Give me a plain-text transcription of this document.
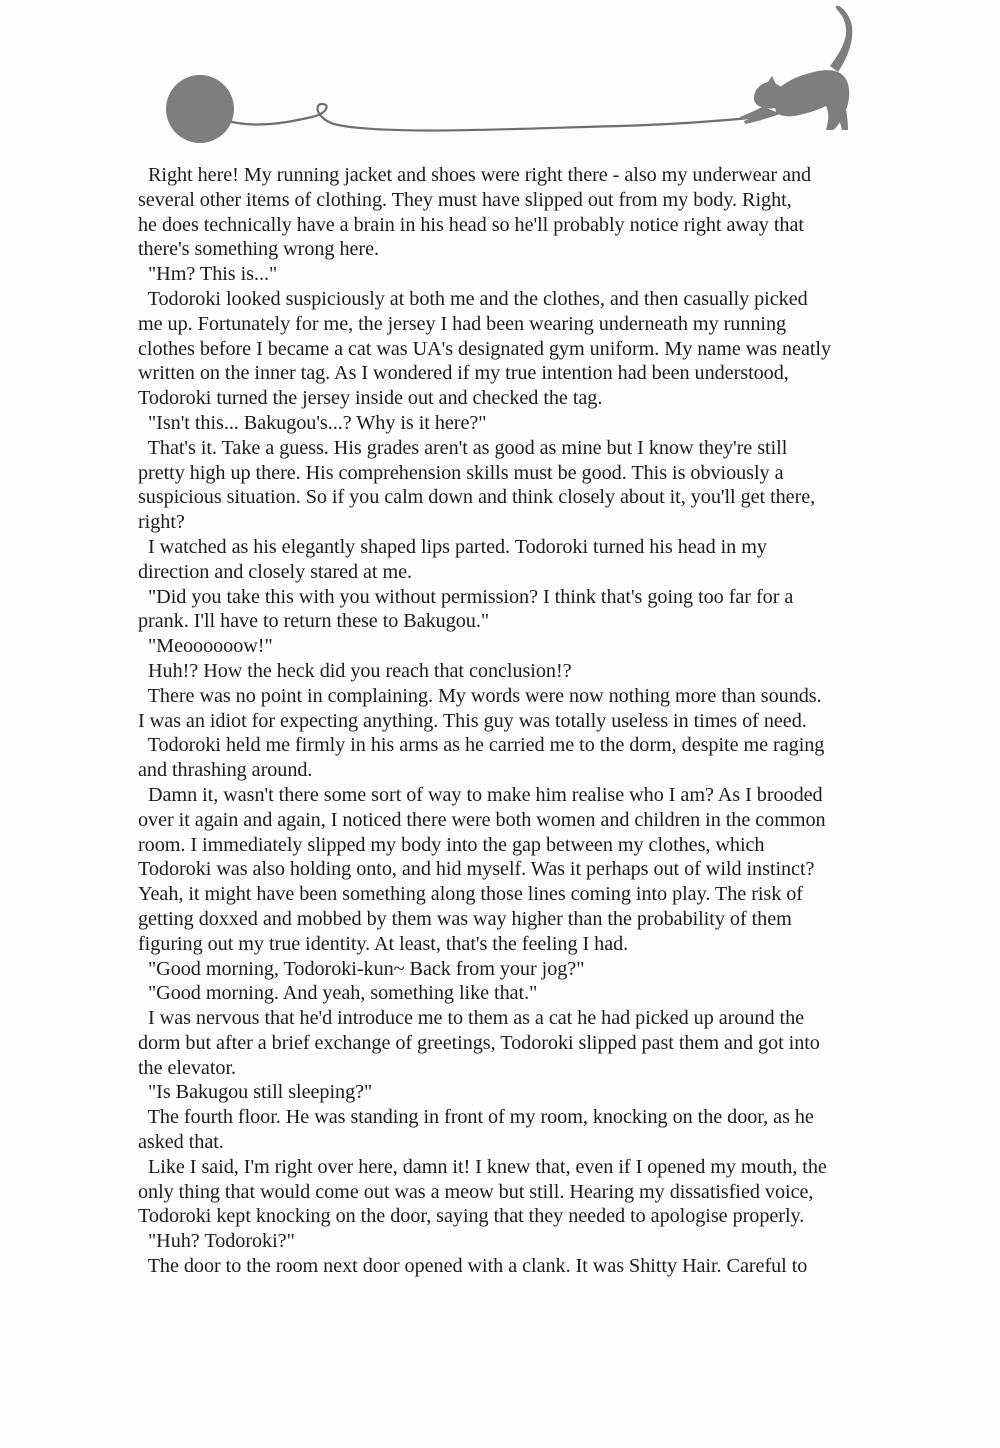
Right here! My running jacket and shoes were right there - also my underwear and
several other items of clothing. They must have slipped out from my body. Right,
he does technically have a brain in his head so he'll probably notice right away that
there's something wrong here.
"Hm? This is..."
Todoroki looked suspiciously at both me and the clothes, and then casually picked
me up. Fortunately for me, the jersey I had been wearing underneath my running
clothes before I became a cat was UA's designated gym uniform. My name was neatly
written on the inner tag. As I wondered if my true intention had been understood,
Todoroki turned the jersey inside out and checked the tag.
"Isn't this... Bakugou's...? Why is it here?"
That's it. Take a guess. His grades aren't as good as mine but I know they're still
pretty high up there. His comprehension skills must be good. This is obviously a
suspicious situation. So if you calm down and think closely about it, you'll get there,
right?
I watched as his elegantly shaped lips parted. Todoroki turned his head in my
direction and closely stared at me.
"Did you take this with you without permission? I think that's going too far for a
prank. I'll have to return these to Bakugou."
"Meoooooow!"
Huh!? How the heck did you reach that conclusion!?
There was no point in complaining. My words were now nothing more than sounds.
I was an idiot for expecting anything. This guy was totally useless in times of need.
Todoroki held me firmly in his arms as he carried me to the dorm, despite me raging
and thrashing around.
Damn it, wasn't there some sort of way to make him realise who I am? As I brooded
over it again and again, I noticed there were both women and children in the common
room. I immediately slipped my body into the gap between my clothes, which
Todoroki was also holding onto, and hid myself. Was it perhaps out of wild instinct?
Yeah, it might have been something along those lines coming into play. The risk of
getting doxxed and mobbed by them was way higher than the probability of them
figuring out my true identity. At least, that's the feeling I had.
"Good morning, Todoroki-kun~ Back from your jog?"
"Good morning. And yeah, something like that."
I was nervous that he'd introduce me to them as a cat he had picked up around the
dorm but after a brief exchange of greetings, Todoroki slipped past them and got into
the elevator.
"Is Bakugou still sleeping?"
The fourth floor. He was standing in front of my room, knocking on the door, as he
asked that.
Like I said, I'm right over here, damn it! I knew that, even if I opened my mouth, the
only thing that would come out was a meow but still. Hearing my dissatisfied voice,
Todoroki kept knocking on the door, saying that they needed to apologise properly.
"Huh? Todoroki?"
The door to the room next door opened with a clank. It was Shitty Hair. Careful to
